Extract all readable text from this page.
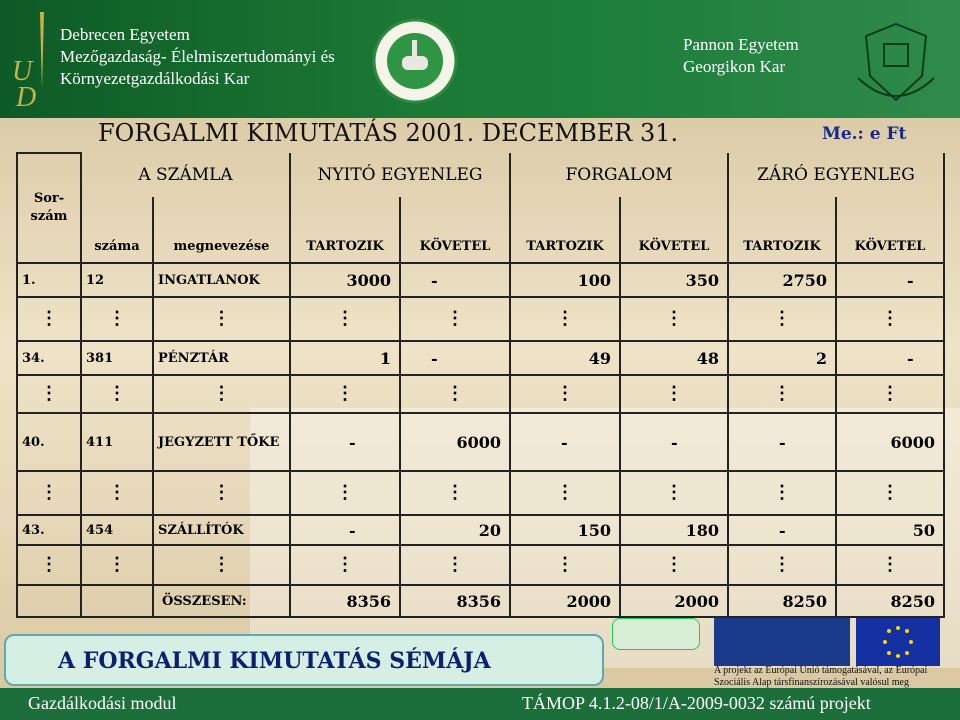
U
D
Debrecen Egyetem
Mezőgazdaság- Élelmiszertudományi és
Környezetgazdálkodási Kar
Pannon Egyetem
Georgikon Kar
FORGALMI KIMUTATÁS 2001. DECEMBER 31.	Me.: e Ft
Sor-
szám	A SZÁMLA		NYITÓ EGYENLEG		FORGALOM		ZÁRÓ EGYENLEG	
	száma	megnevezése	TARTOZIK	KÖVETEL	TARTOZIK	KÖVETEL	TARTOZIK	KÖVETEL
1.	12	INGATLANOK	3000	-	100	350	2750	-
⋮	⋮	⋮	⋮	⋮	⋮	⋮	⋮	⋮
34.	381	PÉNZTÁR	1	-	49	48	2	-
⋮	⋮	⋮	⋮	⋮	⋮	⋮	⋮	⋮
40.	411	JEGYZETT TŐKE	-	6000	-	-	-	6000
⋮	⋮	⋮	⋮	⋮	⋮	⋮	⋮	⋮
43.	454	SZÁLLÍTÓK	-	20	150	180	-	50
⋮	⋮	⋮	⋮	⋮	⋮	⋮	⋮	⋮
		ÖSSZESEN:	8356	8356	2000	2000	8250	8250
A FORGALMI KIMUTATÁS SÉMÁJA	A projekt az Európai Unió támogatásával, az Európai Szociális Alap társfinanszírozásával valósul meg
Gazdálkodási modul	TÁMOP 4.1.2-08/1/A-2009-0032 számú projekt
